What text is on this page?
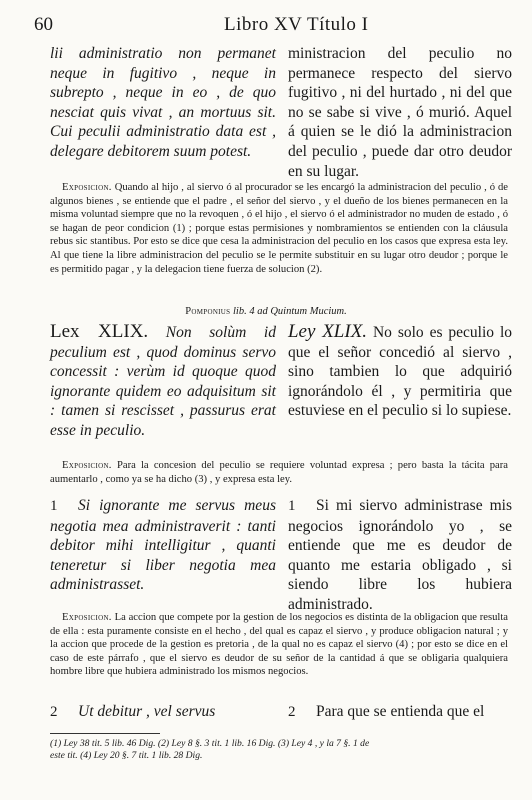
60	Libro XV Título I
lii administratio non permanet neque in fugitivo , neque in subrepto , neque in eo , de quo nesciat quis vivat , an mortuus sit. Cui peculii administratio data est , delegare debitorem suum potest.
ministracion del peculio no permanece respecto del siervo fugitivo , ni del hurtado , ni del que no se sabe si vive , ó murió. Aquel á quien se le dió la administracion del peculio , puede dar otro deudor en su lugar.
Exposicion. Quando al hijo , al siervo ó al procurador se les encargó la administracion del peculio , ó de algunos bienes , se entiende que el padre , el señor del siervo , y el dueño de los bienes permanecen en la misma voluntad siempre que no la revoquen , ó el hijo , el siervo ó el administrador no muden de estado , ó se hagan de peor condicion (1) ; porque estas permisiones y nombramientos se entienden con la cláusula rebus sic stantibus. Por esto se dice que cesa la administracion del peculio en los casos que expresa esta ley. Al que tiene la libre administracion del peculio se le permite substituir en su lugar otro deudor ; porque le es permitido pagar , y la delegacion tiene fuerza de solucion (2).
Pomponius lib. 4 ad Quintum Mucium.
Lex XLIX. Non solùm id peculium est , quod dominus servo concessit : verùm id quoque quod ignorante quidem eo adquisitum sit : tamen si rescisset , passurus erat esse in peculio.
Ley XLIX. No solo es peculio lo que el señor concedió al siervo , sino tambien lo que adquirió ignorándolo él , y permitiria que estuviese en el peculio si lo supiese.
Exposicion. Para la concesion del peculio se requiere voluntad expresa ; pero basta la tácita para aumentarlo , como ya se ha dicho (3) , y expresa esta ley.
1 Si ignorante me servus meus negotia mea administraverit : tanti debitor mihi intelligitur , quanti teneretur si liber negotia mea administrasset.
1 Si mi siervo administrase mis negocios ignorándolo yo , se entiende que me es deudor de quanto me estaria obligado , si siendo libre los hubiera administrado.
Exposicion. La accion que compete por la gestion de los negocios es distinta de la obligacion que resulta de ella : esta puramente consiste en el hecho , del qual es capaz el siervo , y produce obligacion natural ; y la accion que procede de la gestion es pretoria , de la qual no es capaz el siervo (4) ; por esto se dice en el caso de este párrafo , que el siervo es deudor de su señor de la cantidad á que se obligaria qualquiera hombre libre que hubiera administrado los mismos negocios.
2 Ut debitur , vel servus	2 Para que se entienda que el
(1) Ley 38 tit. 5 lib. 46 Dig. (2) Ley 8 §. 3 tit. 1 lib. 16 Dig. (3) Ley 4 , y la 7 §. 1 de
este tit. (4) Ley 20 §. 7 tit. 1 lib. 28 Dig.
